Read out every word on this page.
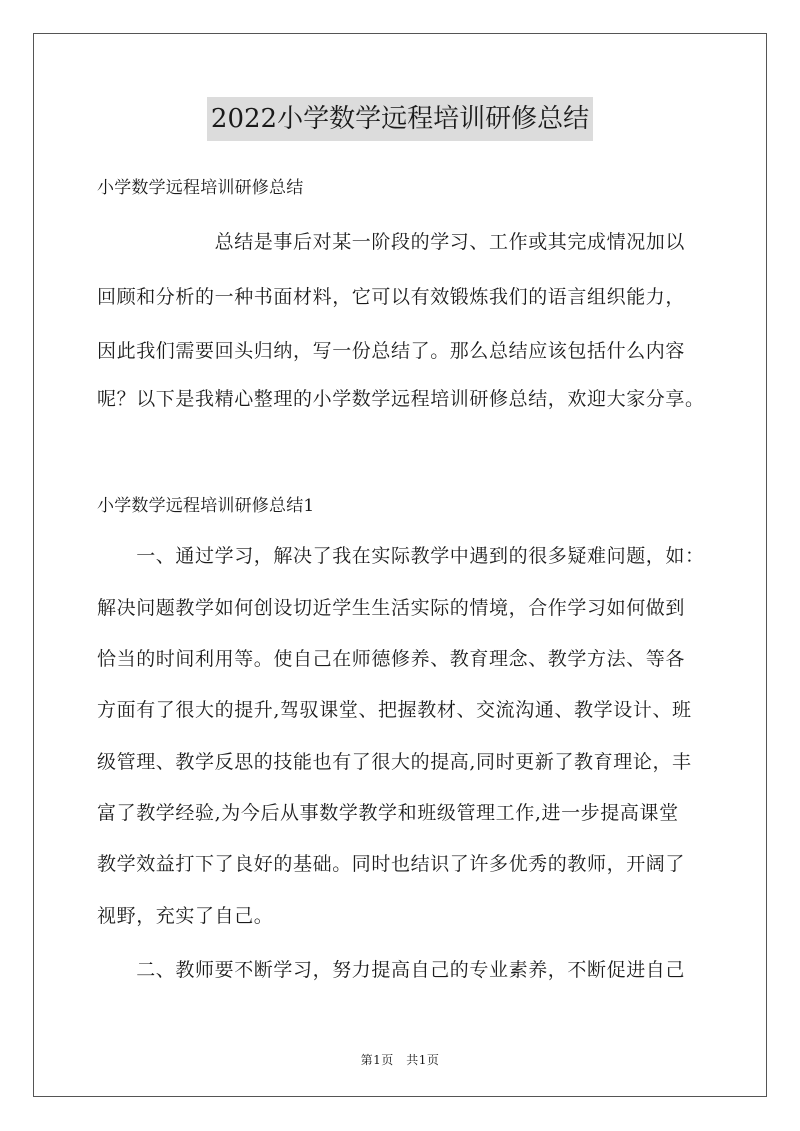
2022小学数学远程培训研修总结
小学数学远程培训研修总结
　　　　　　总结是事后对某一阶段的学习、工作或其完成情况加以
回顾和分析的一种书面材料，它可以有效锻炼我们的语言组织能力，
因此我们需要回头归纳，写一份总结了。那么总结应该包括什么内容
呢？以下是我精心整理的小学数学远程培训研修总结，欢迎大家分享。
小学数学远程培训研修总结1
　　一、通过学习，解决了我在实际教学中遇到的很多疑难问题，如：
解决问题教学如何创设切近学生生活实际的情境，合作学习如何做到
恰当的时间利用等。使自己在师德修养、教育理念、教学方法、等各
方面有了很大的提升,驾驭课堂、把握教材、交流沟通、教学设计、班
级管理、教学反思的技能也有了很大的提高,同时更新了教育理论，丰
富了教学经验,为今后从事数学教学和班级管理工作,进一步提高课堂
教学效益打下了良好的基础。同时也结识了许多优秀的教师，开阔了
视野，充实了自己。
　　二、教师要不断学习，努力提高自己的专业素养，不断促进自己
第1页　共1页
